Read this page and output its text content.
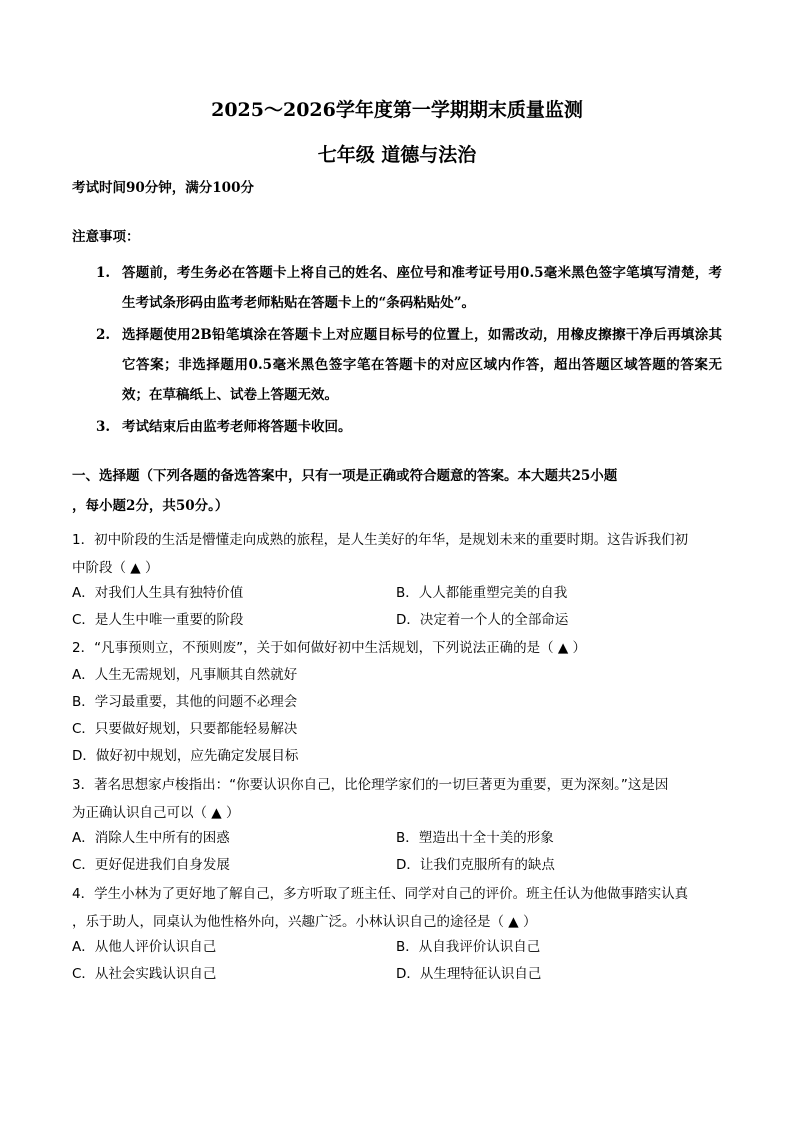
2025～2026学年度第一学期期末质量监测
七年级 道德与法治
考试时间90分钟，满分100分
注意事项：
1. 答题前，考生务必在答题卡上将自己的姓名、座位号和准考证号用0.5毫米黑色签字笔填写清楚，考生考试条形码由监考老师粘贴在答题卡上的“条码粘贴处”。
2. 选择题使用2B铅笔填涂在答题卡上对应题目标号的位置上，如需改动，用橡皮擦擦干净后再填涂其它答案；非选择题用0.5毫米黑色签字笔在答题卡的对应区域内作答，超出答题区域答题的答案无效；在草稿纸上、试卷上答题无效。
3. 考试结束后由监考老师将答题卡收回。
一、选择题（下列各题的备选答案中，只有一项是正确或符合题意的答案。本大题共25小题
，每小题2分，共50分。）
1．初中阶段的生活是懵懂走向成熟的旅程，是人生美好的年华，是规划未来的重要时期。这告诉我们初
中阶段（ ▲ ）
A．对我们人生具有独特价值	B．人人都能重塑完美的自我
C．是人生中唯一重要的阶段	D．决定着一个人的全部命运
2．“凡事预则立，不预则废”，关于如何做好初中生活规划，下列说法正确的是（ ▲ ）
A．人生无需规划，凡事顺其自然就好
B．学习最重要，其他的问题不必理会
C．只要做好规划，只要都能轻易解决
D．做好初中规划，应先确定发展目标
3．著名思想家卢梭指出：“你要认识你自己，比伦理学家们的一切巨著更为重要，更为深刻。”这是因
为正确认识自己可以（ ▲ ）
A．消除人生中所有的困惑	B．塑造出十全十美的形象
C．更好促进我们自身发展	D．让我们克服所有的缺点
4．学生小林为了更好地了解自己，多方听取了班主任、同学对自己的评价。班主任认为他做事踏实认真
，乐于助人，同桌认为他性格外向，兴趣广泛。小林认识自己的途径是（ ▲ ）
A．从他人评价认识自己	B．从自我评价认识自己
C．从社会实践认识自己	D．从生理特征认识自己
